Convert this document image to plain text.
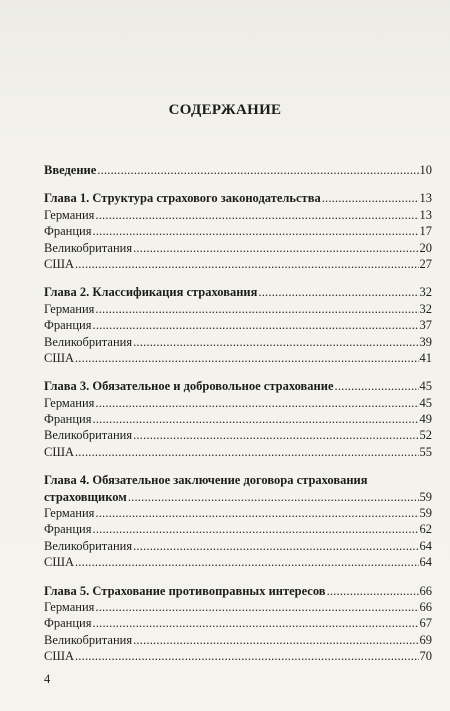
СОДЕРЖАНИЕ
Введение .....	10
Глава 1. Структура страхового законодательства .....	13
Германия .....	13
Франция .....	17
Великобритания .....	20
США .....	27
Глава 2. Классификация страхования .....	32
Германия .....	32
Франция .....	37
Великобритания .....	39
США .....	41
Глава 3. Обязательное и добровольное страхование .....	45
Германия .....	45
Франция .....	49
Великобритания .....	52
США .....	55
Глава 4. Обязательное заключение договора страхования
страховщиком .....	59
Германия .....	59
Франция .....	62
Великобритания .....	64
США .....	64
Глава 5. Страхование противоправных интересов .....	66
Германия .....	66
Франция .....	67
Великобритания .....	69
США .....	70
4
